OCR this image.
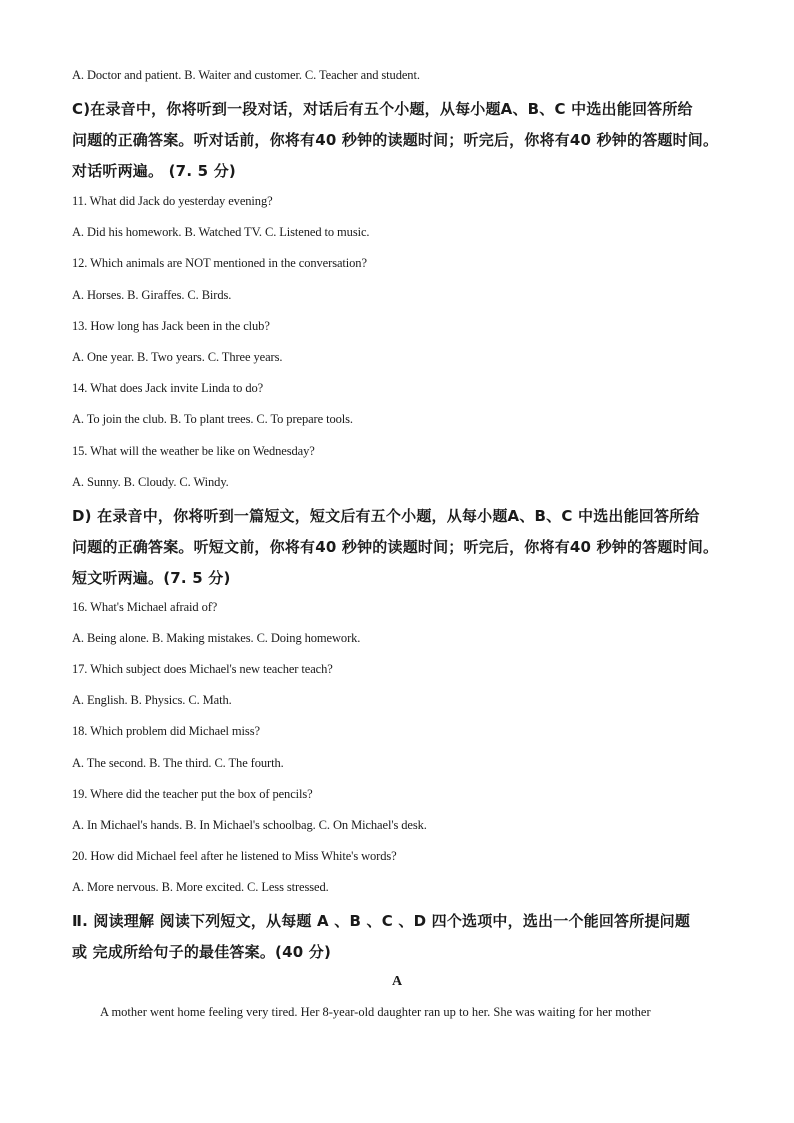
A. Doctor and patient. B. Waiter and customer. C. Teacher and student.
C)在录音中，你将听到一段对话，对话后有五个小题，从每小题A、B、C 中选出能回答所给
问题的正确答案。听对话前，你将有40 秒钟的读题时间；听完后，你将有40 秒钟的答题时间。
对话听两遍。 (7. 5 分)
11. What did Jack do yesterday evening?
A. Did his homework. B. Watched TV. C. Listened to music.
12. Which animals are NOT mentioned in the conversation?
A. Horses. B. Giraffes. C. Birds.
13. How long has Jack been in the club?
A. One year. B. Two years. C. Three years.
14. What does Jack invite Linda to do?
A. To join the club. B. To plant trees. C. To prepare tools.
15. What will the weather be like on Wednesday?
A. Sunny. B. Cloudy. C. Windy.
D) 在录音中，你将听到一篇短文，短文后有五个小题，从每小题A、B、C 中选出能回答所给
问题的正确答案。听短文前，你将有40 秒钟的读题时间；听完后，你将有40 秒钟的答题时间。
短文听两遍。(7. 5 分)
16. What's Michael afraid of?
A. Being alone. B. Making mistakes. C. Doing homework.
17. Which subject does Michael's new teacher teach?
A. English. B. Physics. C. Math.
18. Which problem did Michael miss?
A. The second. B. The third. C. The fourth.
19. Where did the teacher put the box of pencils?
A. In Michael's hands. B. In Michael's schoolbag. C. On Michael's desk.
20. How did Michael feel after he listened to Miss White's words?
A. More nervous. B. More excited. C. Less stressed.
Ⅱ. 阅读理解 阅读下列短文，从每题 A 、B 、C 、D 四个选项中，选出一个能回答所提问题
或 完成所给句子的最佳答案。(40 分)
A
A mother went home feeling very tired. Her 8-year-old daughter ran up to her. She was waiting for her mother
